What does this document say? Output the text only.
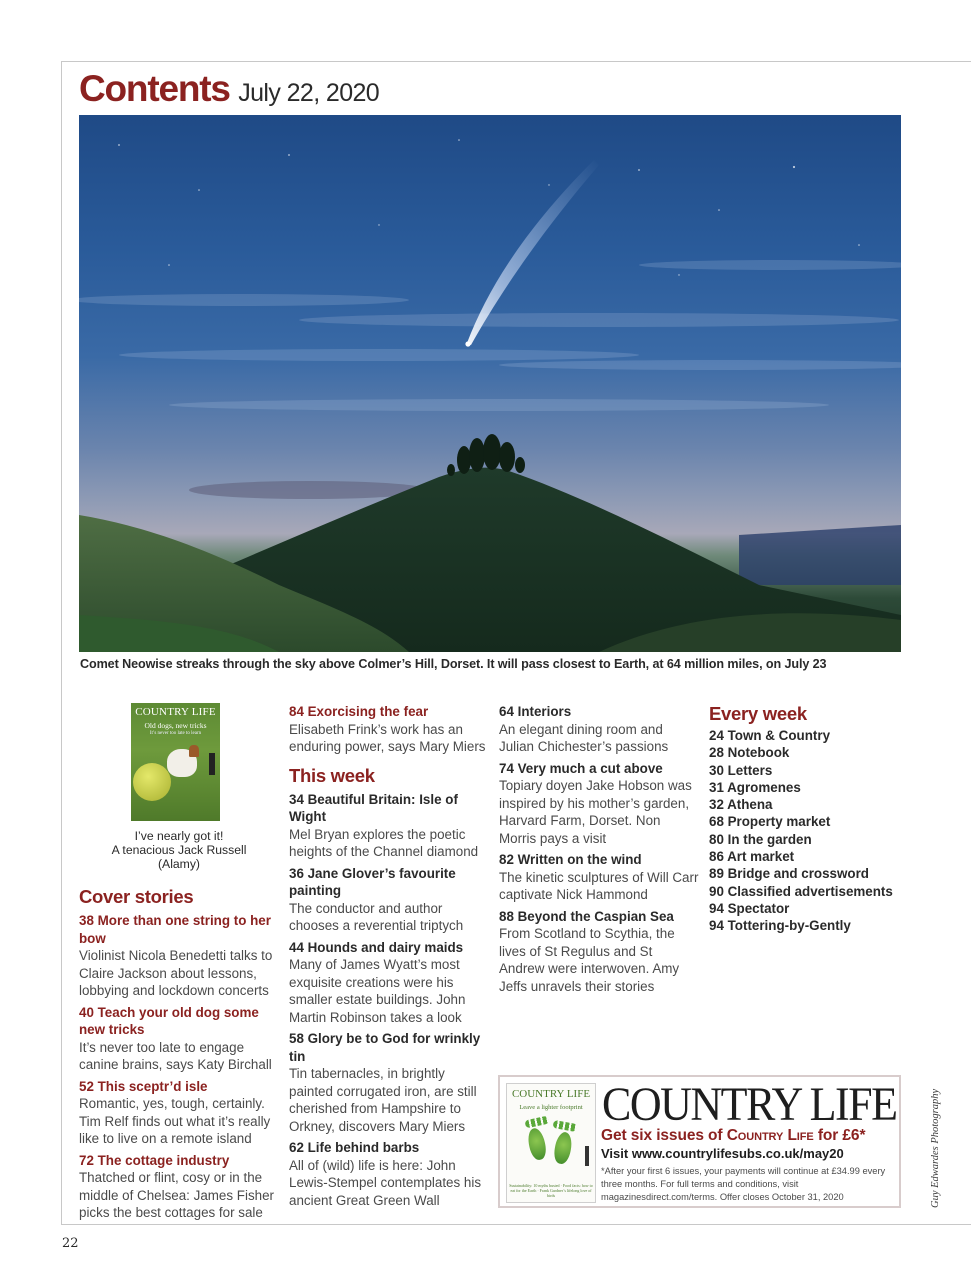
Contents July 22, 2020
Comet Neowise streaks through the sky above Colmer’s Hill, Dorset. It will pass closest to Earth, at 64 million miles, on July 23
COUNTRY LIFE
Old dogs, new tricks
It’s never too late to learn
I’ve nearly got it!
A tenacious Jack Russell
(Alamy)
Cover stories
38 More than one string to her bow
Violinist Nicola Benedetti talks to Claire Jackson about lessons, lobbying and lockdown concerts
40 Teach your old dog some new tricks
It’s never too late to engage canine brains, says Katy Birchall
52 This sceptr’d isle
Romantic, yes, tough, certainly. Tim Relf finds out what it’s really like to live on a remote island
72 The cottage industry
Thatched or flint, cosy or in the middle of Chelsea: James Fisher picks the best cottages for sale
84 Exorcising the fear
Elisabeth Frink’s work has an enduring power, says Mary Miers
This week
34 Beautiful Britain: Isle of Wight
Mel Bryan explores the poetic heights of the Channel diamond
36 Jane Glover’s favourite painting
The conductor and author chooses a reverential triptych
44 Hounds and dairy maids
Many of James Wyatt’s most exquisite creations were his smaller estate buildings. John Martin Robinson takes a look
58 Glory be to God for wrinkly tin
Tin tabernacles, in brightly painted corrugated iron, are still cherished from Hampshire to Orkney, discovers Mary Miers
62 Life behind barbs
All of (wild) life is here: John Lewis-Stempel contemplates his ancient Great Green Wall
64 Interiors
An elegant dining room and Julian Chichester’s passions
74 Very much a cut above
Topiary doyen Jake Hobson was inspired by his mother’s garden, Harvard Farm, Dorset. Non Morris pays a visit
82 Written on the wind
The kinetic sculptures of Will Carr captivate Nick Hammond
88 Beyond the Caspian Sea
From Scotland to Scythia, the lives of St Regulus and St Andrew were interwoven. Amy Jeffs unravels their stories
Every week
24 Town & Country
28 Notebook
30 Letters
31 Agromenes
32 Athena
68 Property market
80 In the garden
86 Art market
89 Bridge and crossword
90 Classified advertisements
94 Spectator
94 Tottering-by-Gently
COUNTRY LIFE
Leave a lighter footprint
Sustainability: 10 myths busted · Food facts: how to eat for the Earth · Frank Gardner’s lifelong love of birds
COUNTRY LIFE
Get six issues of Country Life for £6*
Visit www.countrylifesubs.co.uk/may20
*After your first 6 issues, your payments will continue at £34.99 every three months. For full terms and conditions, visit magazinesdirect.com/terms. Offer closes October 31, 2020	Guy Edwardes Photography
22
